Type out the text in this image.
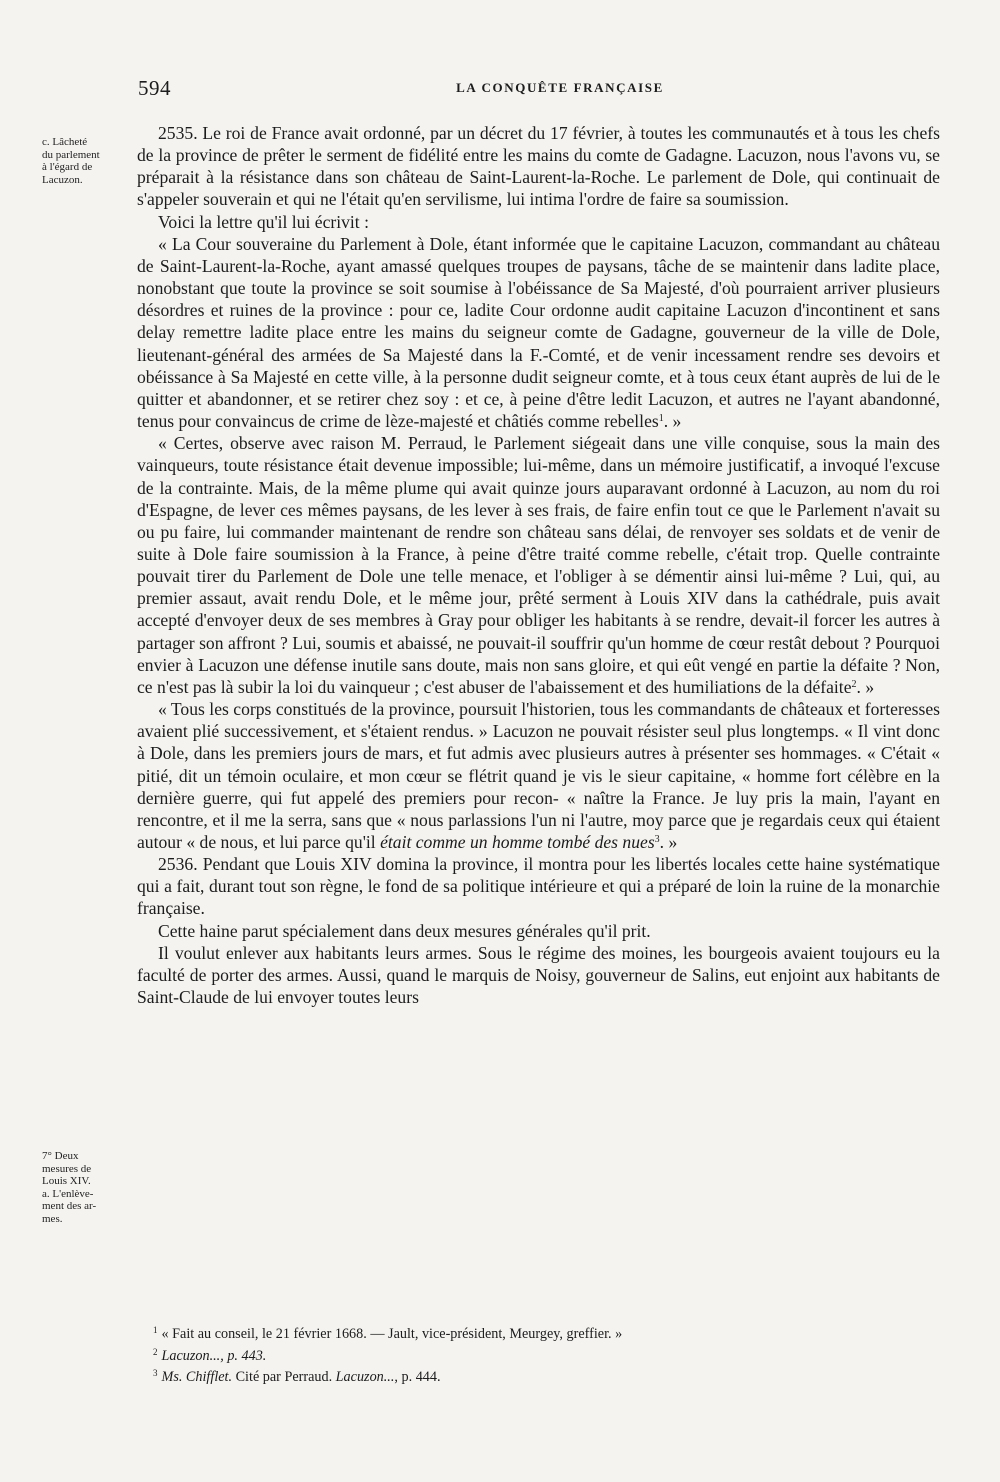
594	LA CONQUÊTE FRANÇAISE
c. Lâcheté
du parlement
à l'égard de
Lacuzon.
7° Deux
mesures de
Louis XIV.
a. L'enlève-
ment des ar-
mes.

2535. Le roi de France avait ordonné, par un décret du 17 février, à toutes les communautés et à tous les chefs de la province de prêter le serment de fidélité entre les mains du comte de Gadagne. Lacuzon, nous l'avons vu, se préparait à la résistance dans son château de Saint-Laurent-la-Roche. Le parlement de Dole, qui continuait de s'appeler souverain et qui ne l'était qu'en servilisme, lui intima l'ordre de faire sa soumission.

Voici la lettre qu'il lui écrivit :

« La Cour souveraine du Parlement à Dole, étant informée que le capitaine Lacuzon, commandant au château de Saint-Laurent-la-Roche, ayant amassé quelques troupes de paysans, tâche de se maintenir dans ladite place, nonobstant que toute la province se soit soumise à l'obéissance de Sa Majesté, d'où pourraient arriver plusieurs désordres et ruines de la province : pour ce, ladite Cour ordonne audit capitaine Lacuzon d'incontinent et sans delay remettre ladite place entre les mains du seigneur comte de Gadagne, gouverneur de la ville de Dole, lieutenant-général des armées de Sa Majesté dans la F.-Comté, et de venir incessament rendre ses devoirs et obéissance à Sa Majesté en cette ville, à la personne dudit seigneur comte, et à tous ceux étant auprès de lui de le quitter et abandonner, et se retirer chez soy : et ce, à peine d'être ledit Lacuzon, et autres ne l'ayant abandonné, tenus pour convaincus de crime de lèze-majesté et châtiés comme rebelles$^1$. »

« Certes, observe avec raison M. Perraud, le Parlement siégeait dans une ville conquise, sous la main des vainqueurs, toute résistance était devenue impossible; lui-même, dans un mémoire justificatif, a invoqué l'excuse de la contrainte. Mais, de la même plume qui avait quinze jours auparavant ordonné à Lacuzon, au nom du roi d'Espagne, de lever ces mêmes paysans, de les lever à ses frais, de faire enfin tout ce que le Parlement n'avait su ou pu faire, lui commander maintenant de rendre son château sans délai, de renvoyer ses soldats et de venir de suite à Dole faire soumission à la France, à peine d'être traité comme rebelle, c'était trop. Quelle contrainte pouvait tirer du Parlement de Dole une telle menace, et l'obliger à se démentir ainsi lui-même ? Lui, qui, au premier assaut, avait rendu Dole, et le même jour, prêté serment à Louis XIV dans la cathédrale, puis avait accepté d'envoyer deux de ses membres à Gray pour obliger les habitants à se rendre, devait-il forcer les autres à partager son affront ? Lui, soumis et abaissé, ne pouvait-il souffrir qu'un homme de cœur restât debout ? Pourquoi envier à Lacuzon une défense inutile sans doute, mais non sans gloire, et qui eût vengé en partie la défaite ? Non, ce n'est pas là subir la loi du vainqueur ; c'est abuser de l'abaissement et des humiliations de la défaite$^2$. »

« Tous les corps constitués de la province, poursuit l'historien, tous les commandants de châteaux et forteresses avaient plié successivement, et s'étaient rendus. » Lacuzon ne pouvait résister seul plus longtemps. « Il vint donc à Dole, dans les premiers jours de mars, et fut admis avec plusieurs autres à présenter ses hommages. « C'était « pitié, dit un témoin oculaire, et mon cœur se flétrit quand je vis le sieur capitaine, « homme fort célèbre en la dernière guerre, qui fut appelé des premiers pour recon- « naître la France. Je luy pris la main, l'ayant en rencontre, et il me la serra, sans que « nous parlassions l'un ni l'autre, moy parce que je regardais ceux qui étaient autour « de nous, et lui parce qu'il était comme un homme tombé des nues$^3$. »

2536. Pendant que Louis XIV domina la province, il montra pour les libertés locales cette haine systématique qui a fait, durant tout son règne, le fond de sa politique intérieure et qui a préparé de loin la ruine de la monarchie française.

Cette haine parut spécialement dans deux mesures générales qu'il prit.

Il voulut enlever aux habitants leurs armes. Sous le régime des moines, les bourgeois avaient toujours eu la faculté de porter des armes. Aussi, quand le marquis de Noisy, gouverneur de Salins, eut enjoint aux habitants de Saint-Claude de lui envoyer toutes leurs

$^1$ « Fait au conseil, le 21 février 1668. — Jault, vice-président, Meurgey, greffier. »

$^2$ Lacuzon..., p. 443.

$^3$ Ms. Chifflet. Cité par Perraud. Lacuzon..., p. 444.
